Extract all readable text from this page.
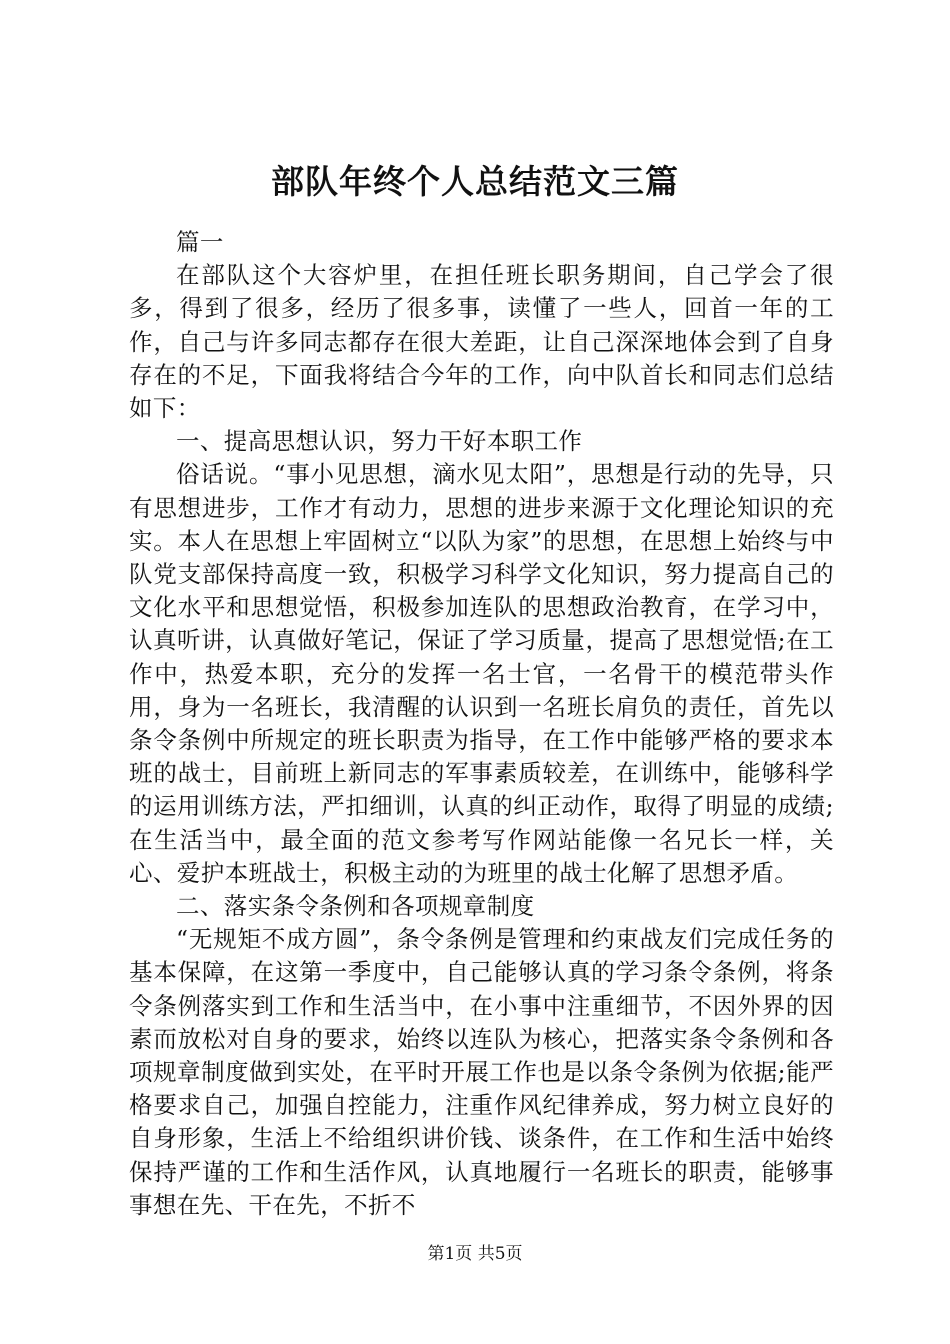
部队年终个人总结范文三篇

篇一

在部队这个大容炉里，在担任班长职务期间，自己学会了很多，得到了很多，经历了很多事，读懂了一些人，回首一年的工作，自己与许多同志都存在很大差距，让自己深深地体会到了自身存在的不足，下面我将结合今年的工作，向中队首长和同志们总结如下：

一、提高思想认识，努力干好本职工作

俗话说。“事小见思想，滴水见太阳”，思想是行动的先导，只有思想进步，工作才有动力，思想的进步来源于文化理论知识的充实。本人在思想上牢固树立“以队为家”的思想，在思想上始终与中队党支部保持高度一致，积极学习科学文化知识，努力提高自己的文化水平和思想觉悟，积极参加连队的思想政治教育，在学习中，认真听讲，认真做好笔记，保证了学习质量，提高了思想觉悟;在工作中，热爱本职，充分的发挥一名士官，一名骨干的模范带头作用，身为一名班长，我清醒的认识到一名班长肩负的责任，首先以条令条例中所规定的班长职责为指导，在工作中能够严格的要求本班的战士，目前班上新同志的军事素质较差，在训练中，能够科学的运用训练方法，严扣细训，认真的纠正动作，取得了明显的成绩;在生活当中，最全面的范文参考写作网站能像一名兄长一样，关心、爱护本班战士，积极主动的为班里的战士化解了思想矛盾。

二、落实条令条例和各项规章制度

“无规矩不成方圆”，条令条例是管理和约束战友们完成任务的基本保障，在这第一季度中，自己能够认真的学习条令条例，将条令条例落实到工作和生活当中，在小事中注重细节，不因外界的因素而放松对自身的要求，始终以连队为核心，把落实条令条例和各项规章制度做到实处，在平时开展工作也是以条令条例为依据;能严格要求自己，加强自控能力，注重作风纪律养成，努力树立良好的自身形象，生活上不给组织讲价钱、谈条件，在工作和生活中始终保持严谨的工作和生活作风，认真地履行一名班长的职责，能够事事想在先、干在先，不折不

第1页 共5页
